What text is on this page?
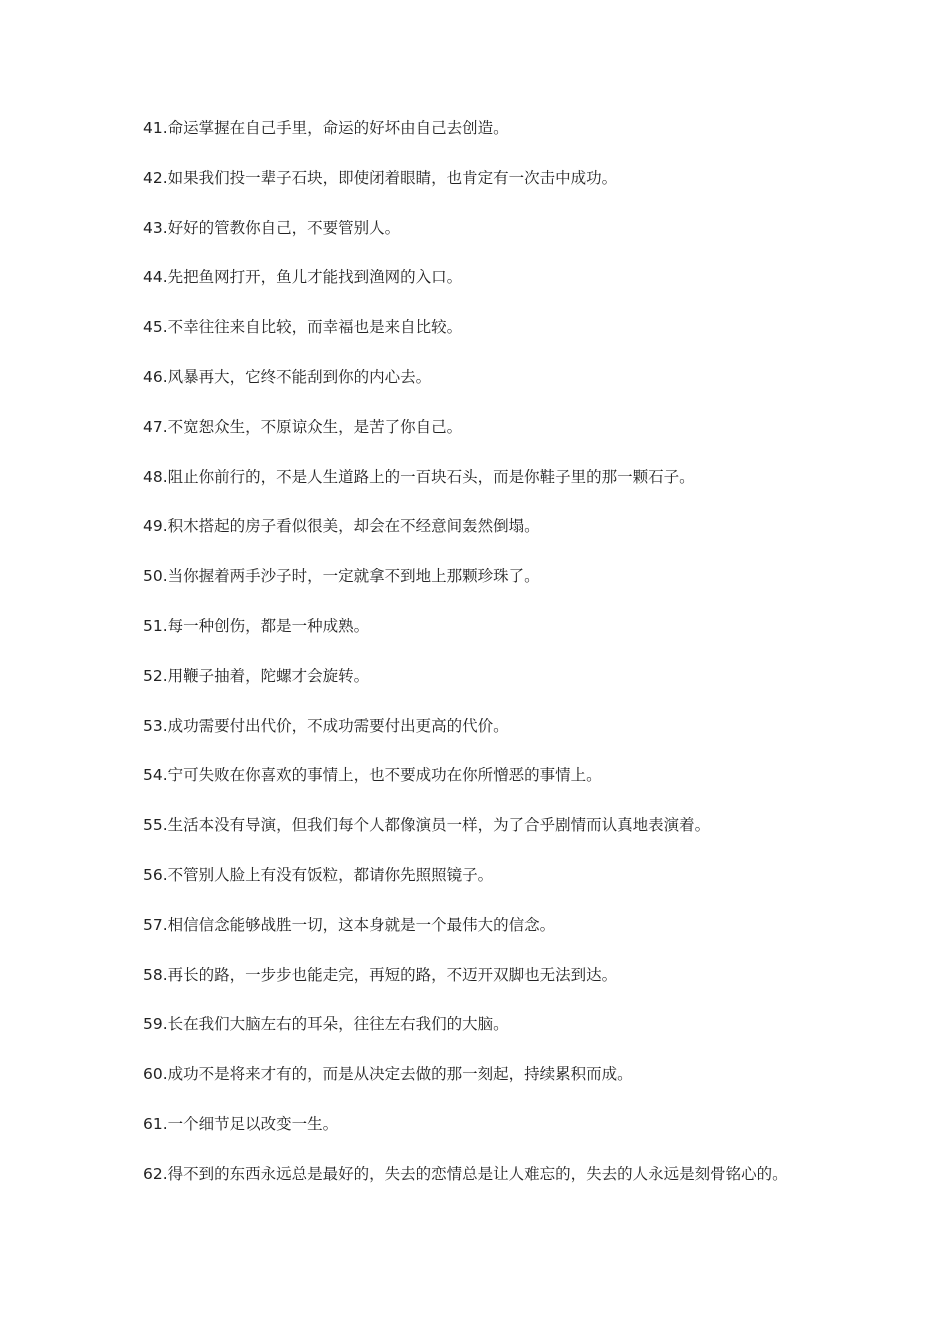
41.命运掌握在自己手里，命运的好坏由自己去创造。

42.如果我们投一辈子石块，即使闭着眼睛，也肯定有一次击中成功。

43.好好的管教你自己，不要管别人。

44.先把鱼网打开，鱼儿才能找到渔网的入口。

45.不幸往往来自比较，而幸福也是来自比较。

46.风暴再大，它终不能刮到你的内心去。

47.不宽恕众生，不原谅众生，是苦了你自己。

48.阻止你前行的，不是人生道路上的一百块石头，而是你鞋子里的那一颗石子。

49.积木搭起的房子看似很美，却会在不经意间轰然倒塌。

50.当你握着两手沙子时，一定就拿不到地上那颗珍珠了。

51.每一种创伤，都是一种成熟。

52.用鞭子抽着，陀螺才会旋转。

53.成功需要付出代价，不成功需要付出更高的代价。

54.宁可失败在你喜欢的事情上，也不要成功在你所憎恶的事情上。

55.生活本没有导演，但我们每个人都像演员一样，为了合乎剧情而认真地表演着。

56.不管别人脸上有没有饭粒，都请你先照照镜子。

57.相信信念能够战胜一切，这本身就是一个最伟大的信念。

58.再长的路，一步步也能走完，再短的路，不迈开双脚也无法到达。

59.长在我们大脑左右的耳朵，往往左右我们的大脑。

60.成功不是将来才有的，而是从决定去做的那一刻起，持续累积而成。

61.一个细节足以改变一生。

62.得不到的东西永远总是最好的，失去的恋情总是让人难忘的，失去的人永远是刻骨铭心的。
